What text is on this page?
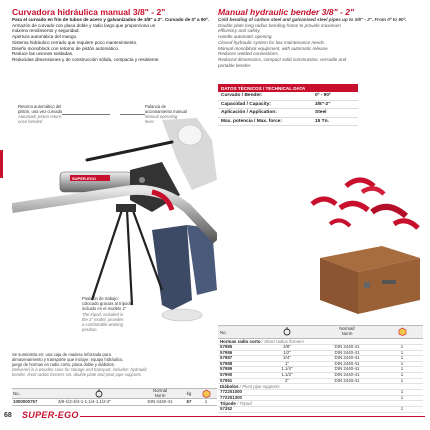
Curvadora hidráulica manual 3/8" - 2"	Manual hydraulic bender 3/8" - 2"
Para el curvado en frío de tubos de acero y galvanizados de 3/8" a 2". Curvado de 0º a 90º.
Armazón de curvado con placa doble y radio largo que proporciona un
máximo rendimiento y seguridad.
Apertura automática del mango.
Sistema hidráulico cerrado que requiere poco mantenimiento.
Diseño monoblock con retorno de pistón automático.
Reduce las uniones soldadas.
Reducidas dimensiones y de construcción sólida, compacta y resistente.
Cold bending of carbon steel and galvanised steel pipes up to 3/8" - 2". From 0º to 90º.
Double plate long radius bending frame to provide maximum
efficiency and safety.
Handle automatic opening.
Closed hydraulic system for low maintenance needs.
Manual monoblock equipment, with automatic release.
Reduces welded connections.
Reduced dimensions, compact solid construction, versatile and
portable bender.
DATOS TÉCNICOS / TECHNICAL DATA
Curvado / Bender:	0º - 90º
Capacidad / Capacity:	3/8"-2"
Aplicación / Application:	Steel
Max. potencia / Max. force:	15 Tn.
SUPER-EGO
Retorno automático del
pistón, una vez curvado
Automatic piston return,
once bended
Palanca de
accionamiento manual
Manual operating
lever
Posición de trabajo:
colocado gracias al trípode,
incluido en el modelo 2"
The tripod, included in
the 2" model, provides
a comfortable working
position.	No.
Normal/
Norm
Hormas radio corto / Short radius formers
57985	3/8"	DIN 2440-41	1
57986	1/2"	DIN 2440-41	1
57987	3/4"	DIN 2440-41	1
57988	1"	DIN 2440-41	1
57989	1.1/4"	DIN 2440-41	1
57990	1.1/2"	DIN 2440-41	1
57991	2"	DIN 2440-41	1
Diábolos / Pivot pipe supports
772201000	1
772201300	1
Trípode / Tripod
57352	1
Se suministra en: una caja de madera reforzada para
almacenamiento y transporte que incluye: equipo hidráulico,
juego de hormas en radio corto, placa doble y diábolos.
Delivered in a wooden case for storage and transport, includes: hydraulic
bender, short radius formers set, double plate and pivot pipe supports.
No.
Normal
Norm	kg
1000000757	3/8-1/2-3/4-1-1.1/4-1.1/2-2"	DIN 2440-41	67	1
68 SUPER-EGO
